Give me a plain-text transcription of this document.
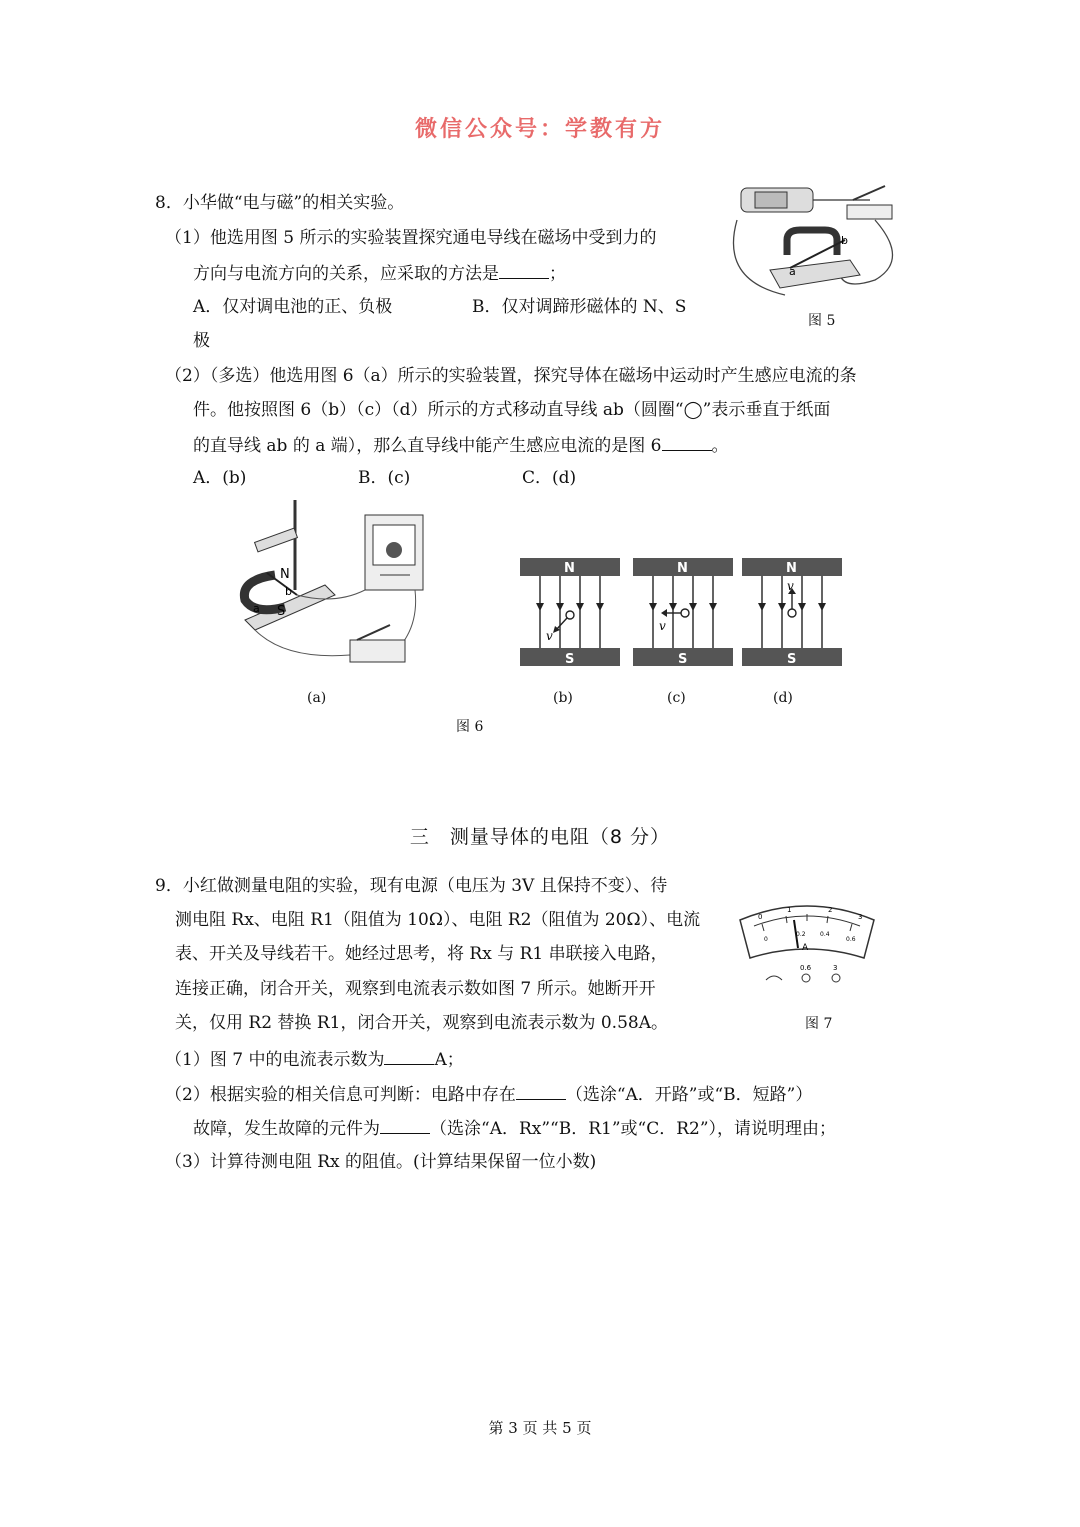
微信公众号：学教有方
8．小华做“电与磁”的相关实验。
（1）他选用图 5 所示的实验装置探究通电导线在磁场中受到力的
方向与电流方向的关系，应采取的方法是	；
A．仅对调电池的正、负极	B．仅对调蹄形磁体的 N、S
极
（2）（多选）他选用图 6（a）所示的实验装置，探究导体在磁场中运动时产生感应电流的条
件。他按照图 6（b）（c）（d）所示的方式移动直导线 ab（圆圈“◯”表示垂直于纸面
的直导线 ab 的 a 端），那么直导线中能产生感应电流的是图 6	。
A．(b)	B．(c)	C．(d)
a
b
图 5
N
b
a S
N
S
v
N
S
v
N
S
v
(a)	(b)	(c)	(d)
图 6
三　测量导体的电阻（8 分）
9．小红做测量电阻的实验，现有电源（电压为 3V 且保持不变）、待
测电阻 Rx、电阻 R1（阻值为 10Ω）、电阻 R2（阻值为 20Ω）、电流
表、开关及导线若干。她经过思考，将 Rx 与 R1 串联接入电路，
连接正确，闭合开关，观察到电流表示数如图 7 所示。她断开开
关，仅用 R2 替换 R1，闭合开关，观察到电流表示数为 0.58A。
0
1	2
3
0
0.2 0.4
0.6
A
0.6	3
图 7
（1）图 7 中的电流表示数为	A；
（2）根据实验的相关信息可判断：电路中存在	（选涂“A．开路”或“B．短路”）
故障，发生故障的元件为	（选涂“A．Rx”“B．R1”或“C．R2”），请说明理由；
（3）计算待测电阻 Rx 的阻值。(计算结果保留一位小数)
第 3 页 共 5 页
